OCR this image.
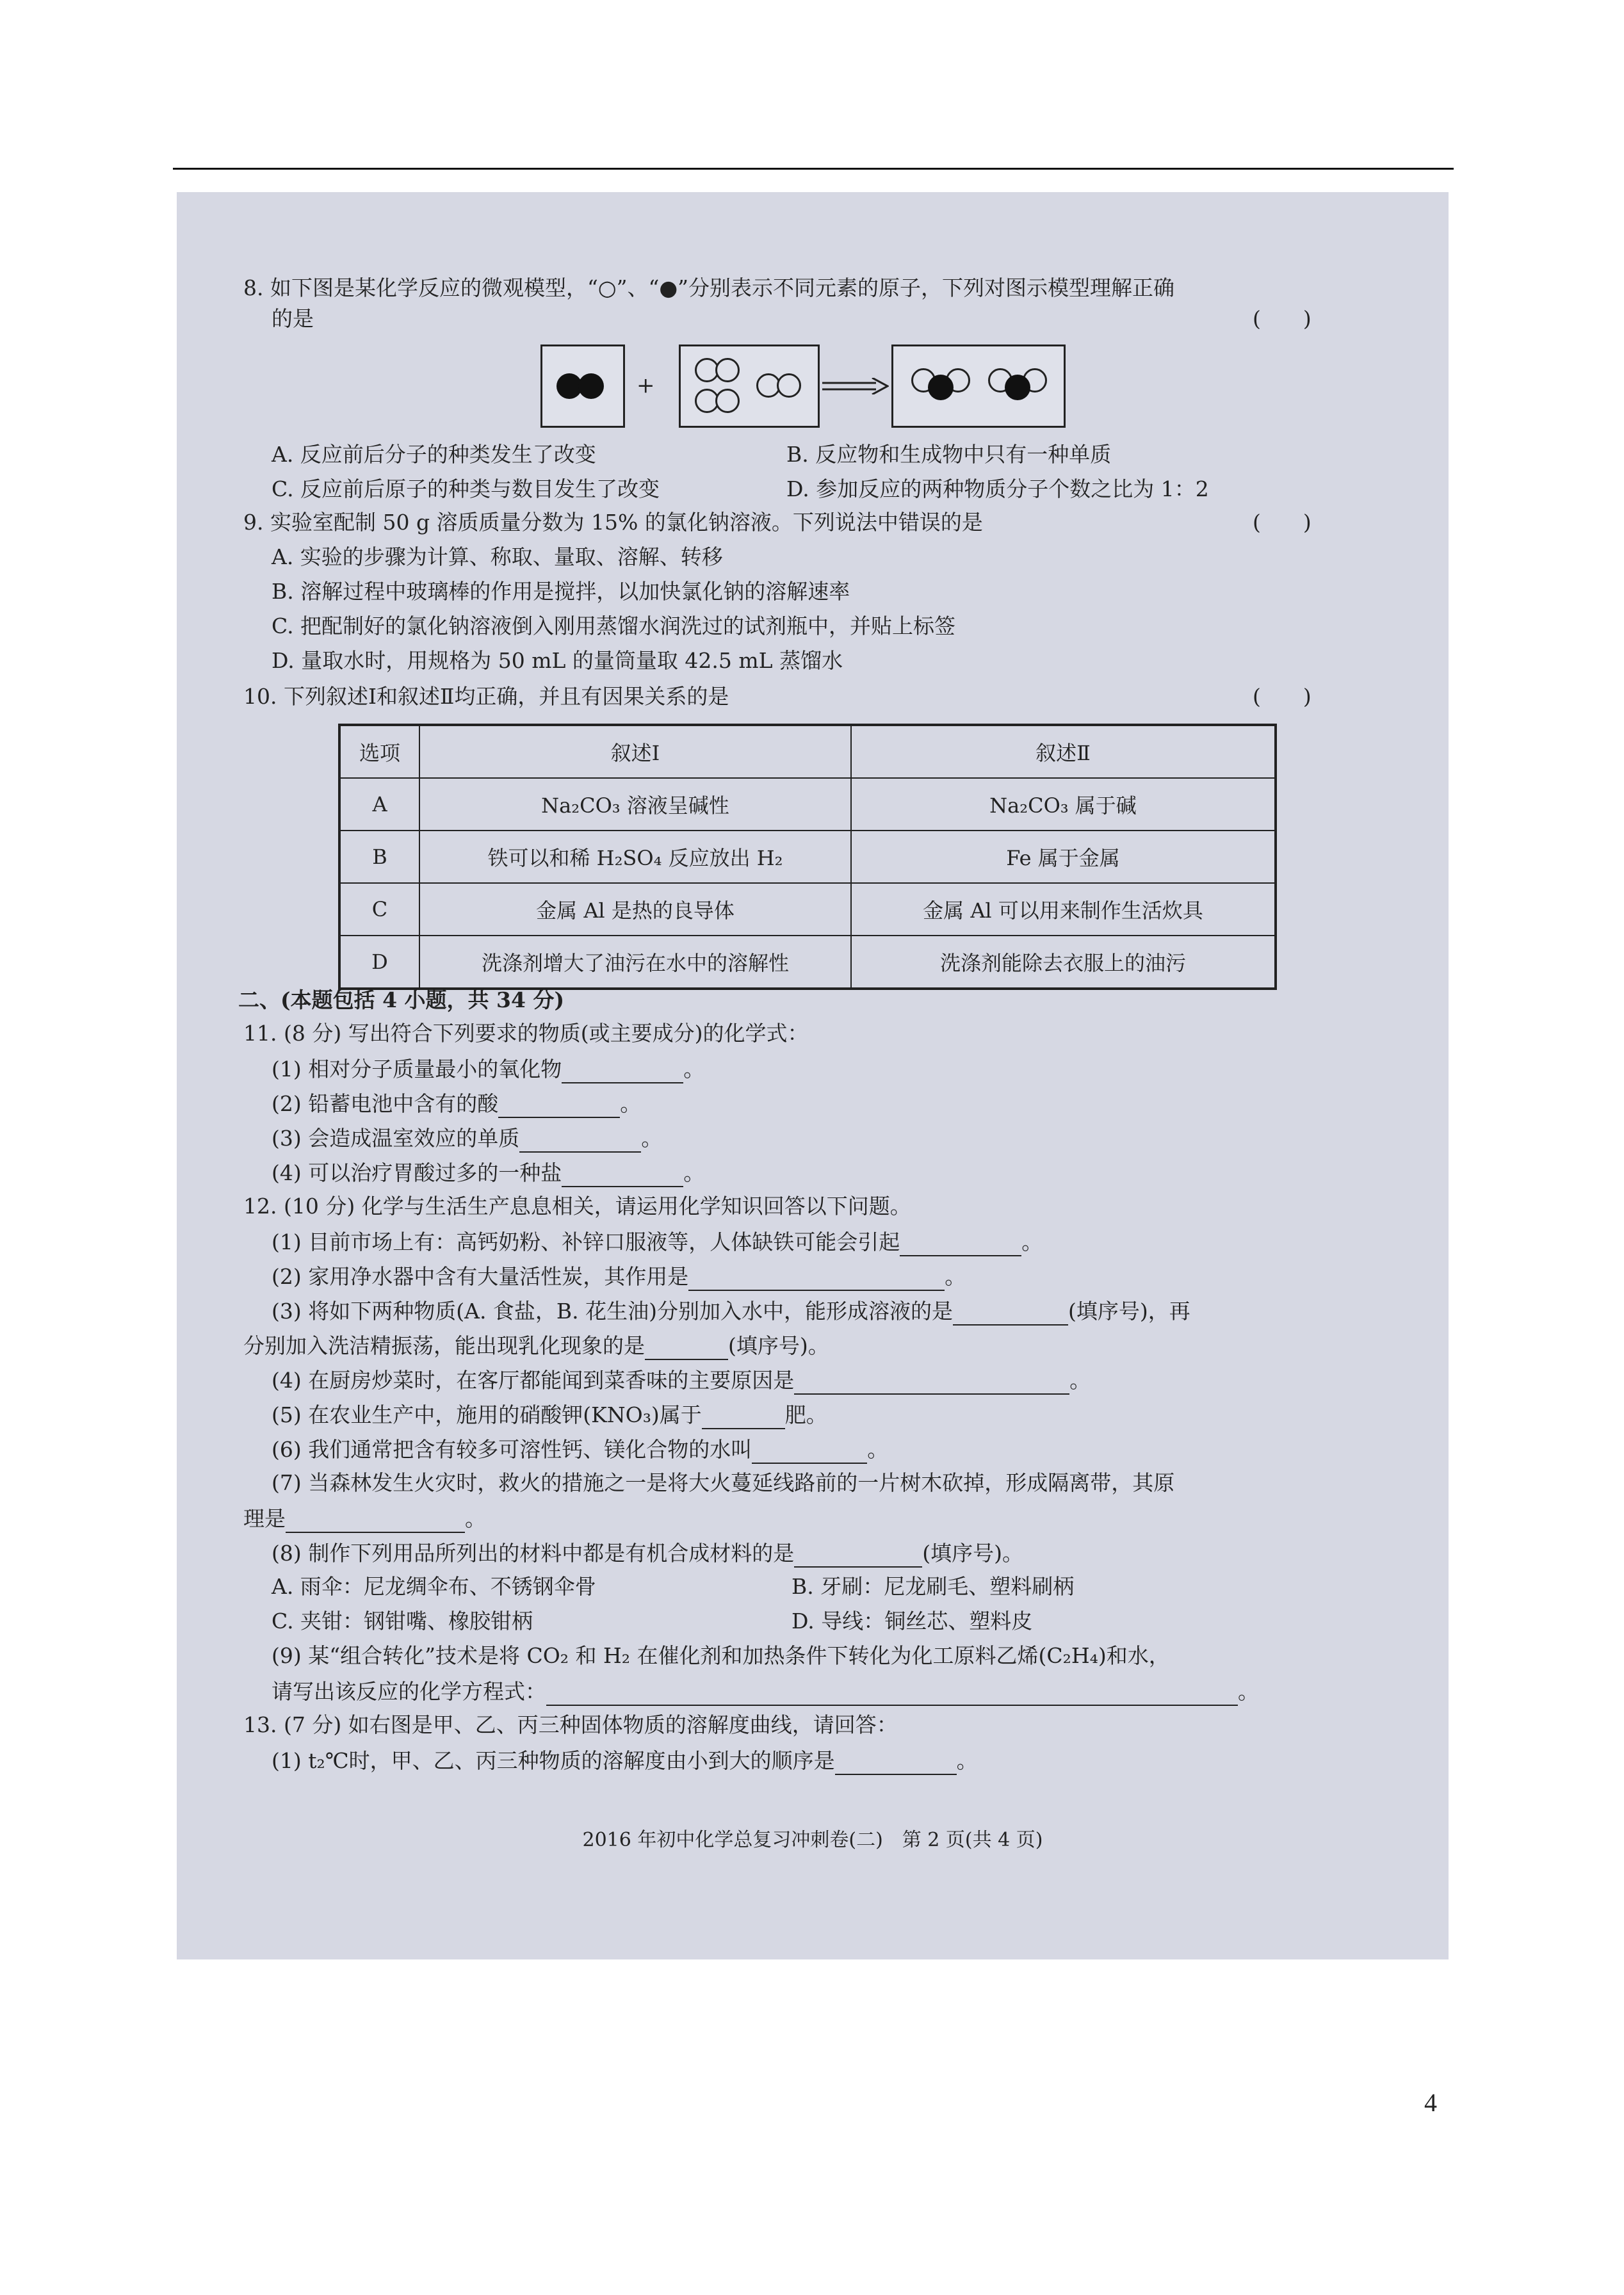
8. 如下图是某化学反应的微观模型，“○”、“●”分别表示不同元素的原子，下列对图示模型理解正确
的是	(　　)
+
A. 反应前后分子的种类发生了改变	B. 反应物和生成物中只有一种单质
C. 反应前后原子的种类与数目发生了改变	D. 参加反应的两种物质分子个数之比为 1：2
9. 实验室配制 50 g 溶质质量分数为 15% 的氯化钠溶液。下列说法中错误的是	(　　)
A. 实验的步骤为计算、称取、量取、溶解、转移
B. 溶解过程中玻璃棒的作用是搅拌，以加快氯化钠的溶解速率
C. 把配制好的氯化钠溶液倒入刚用蒸馏水润洗过的试剂瓶中，并贴上标签
D. 量取水时，用规格为 50 mL 的量筒量取 42.5 mL 蒸馏水
10. 下列叙述Ⅰ和叙述Ⅱ均正确，并且有因果关系的是	(　　)
选项	叙述Ⅰ	叙述Ⅱ
A	Na₂CO₃ 溶液呈碱性	Na₂CO₃ 属于碱
B	铁可以和稀 H₂SO₄ 反应放出 H₂	Fe 属于金属
C	金属 Al 是热的良导体	金属 Al 可以用来制作生活炊具
D	洗涤剂增大了油污在水中的溶解性	洗涤剂能除去衣服上的油污
二、(本题包括 4 小题，共 34 分)
11. (8 分) 写出符合下列要求的物质(或主要成分)的化学式：
(1) 相对分子质量最小的氧化物	。
(2) 铅蓄电池中含有的酸	。
(3) 会造成温室效应的单质	。
(4) 可以治疗胃酸过多的一种盐	。
12. (10 分) 化学与生活生产息息相关，请运用化学知识回答以下问题。
(1) 目前市场上有：高钙奶粉、补锌口服液等，人体缺铁可能会引起	。
(2) 家用净水器中含有大量活性炭，其作用是	。
(3) 将如下两种物质(A. 食盐，B. 花生油)分别加入水中，能形成溶液的是	(填序号)，再
分别加入洗洁精振荡，能出现乳化现象的是	(填序号)。
(4) 在厨房炒菜时，在客厅都能闻到菜香味的主要原因是	。
(5) 在农业生产中，施用的硝酸钾(KNO₃)属于	肥。
(6) 我们通常把含有较多可溶性钙、镁化合物的水叫	。
(7) 当森林发生火灾时，救火的措施之一是将大火蔓延线路前的一片树木砍掉，形成隔离带，其原
理是	。
(8) 制作下列用品所列出的材料中都是有机合成材料的是	(填序号)。
A. 雨伞：尼龙绸伞布、不锈钢伞骨	B. 牙刷：尼龙刷毛、塑料刷柄
C. 夹钳：钢钳嘴、橡胶钳柄	D. 导线：铜丝芯、塑料皮
(9) 某“组合转化”技术是将 CO₂ 和 H₂ 在催化剂和加热条件下转化为化工原料乙烯(C₂H₄)和水，
请写出该反应的化学方程式：	。
13. (7 分) 如右图是甲、乙、丙三种固体物质的溶解度曲线，请回答：
(1) t₂℃时，甲、乙、丙三种物质的溶解度由小到大的顺序是	。
2016 年初中化学总复习冲刺卷(二)　第 2 页(共 4 页)
4
